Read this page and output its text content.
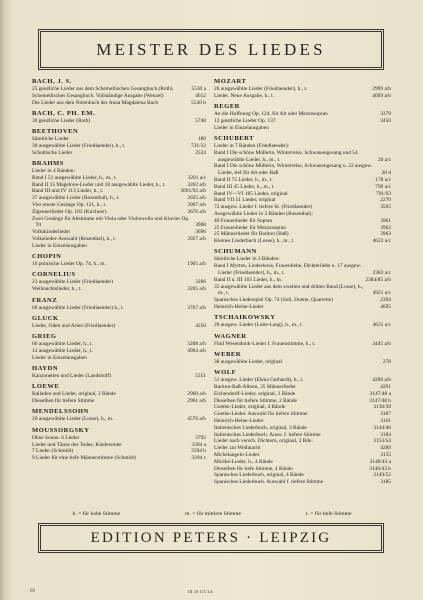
MEISTER DES LIEDES
BACH, J. S.
25 geistliche Lieder aus dem Schemellischen Gesangbuch (Roth)	5530 a
Schemellisches Gesangbuch. Vollständige Ausgabe (Wenzel)	4612
Die Lieder aus dem Notenbuch der Anna Magdalena Bach	5530 b
BACH, C. PH. EM.
30 geistliche Lieder (Roth)	5748
BEETHOVEN
Sämtliche Lieder	180
30 ausgewählte Lieder (Friedlaender), h., t.	731/32
Schottische Lieder	2524
BRAHMS
Lieder in 4 Bänden:
Band I 51 ausgewählte Lieder, h., m., t.	3201 a/c
Band II 15 Magelone-Lieder und 18 ausgewählte Lieder, h., t.	3202 a/b
Band III und IV 113 Lieder, h., t.	3691/92 a/b
37 ausgewählte Lieder (Rosenthal), h., t.	3925 a/b
Vier ernste Gesänge Op. 121, h., t.	3907 a/b
Zigeunerlieder Op. 103 (Kirchner)	3670 a/b
Zwei Gesänge für Altstimme mit Viola oder Violoncello und Klavier Op. 91	3908
Volkskinderlieder	3696
Volkslieder-Auswahl (Rosenthal), h., t.	3927 a/b
Lieder in Einzelausgaben
CHOPIN
16 polnische Lieder Op. 74, h., m.	1905 a/b
CORNELIUS
23 ausgewählte Lieder (Friedlaender)	3206
Weihnachtslieder, h., t.	3205 a/b
FRANZ
60 ausgewählte Lieder (Friedlaender) h., t.	3767 a/b
GLUCK
Lieder, Oden und Arien (Friedlaender)	4250
GRIEG
60 ausgewählte Lieder, h., t.	3208 a/b
12 ausgewählte Lieder, h., t.	4904 a/b
Lieder in Einzelausgaben
HAYDN
Kanzonetten und Lieder (Landshoff)	5351
LOEWE
Balladen und Lieder, original, 2 Bände	2960 a/b
Dieselben für tiefere Stimme	2961 a/b
MENDELSSOHN
20 ausgewählte Lieder (Losse), h., m.	4570 a/b
MOUSSORGSKY
Ohne Sonne. 6 Lieder	3792
Lieder und Tänze des Todes; Kinderstube	3394 a
7 Lieder (Schmidt)	3394 b
9 Lieder für eine tiefe Männerstimme (Schmidt)	3394 c
MOZART
26 ausgewählte Lieder (Friedlaender), h., t.	2999 a/b
Lieder. Neue Ausgabe, h., t.	4699 a/b
REGER
An die Hoffnung Op. 124, für Alt oder Mezzosopran	3379
12 geistliche Lieder Op. 137	3450
Lieder in Einzelausgaben
SCHUBERT
Lieder in 7 Bänden (Friedlaender):
Band I Die schöne Müllerin, Winterreise, Schwanengesang und 54 ausgewählte Lieder, h., m., t.	20 a/c
Band I Die schöne Müllerin, Winterreise, Schwanengesang u. 22 ausgew. Lieder, tief für Alt oder Baß	20 d
Band II 75 Lieder, h., m., t.	178 a/c
Band III 45 Lieder, h., m., t.	790 a/c
Band IV—VI 185 Lieder, original	791/93
Band VII 51 Lieder, original	2270
72 ausgew. Lieder f. tiefere St. (Friedlaender)	3505
Ausgewählte Lieder in 3 Bänden (Rosenthal):
40 Frauenlieder für Sopran	3961
25 Frauenlieder für Mezzosopran	3962
25 Männerlieder für Bariton (Baß)	3963
Kleines Liederbuch (Losse), h., m., t.	4622 a/c
SCHUMANN
Sämtliche Lieder in 3 Bänden:
Band I Myrten, Liederkreis, Frauenliebe, Dichterliebe u. 17 ausgew. Lieder (Friedlaender), h., m., t.	2383 a/c
Band II u. III 163 Lieder, h., m.	2384/85 a/b
35 ausgewählte Lieder aus dem zweiten und dritten Band (Losse), h., m., t.	4921 a/c
Spanisches Liederspiel Op. 74 (Soli, Duette, Quartette)	2394
Heinrich-Heine-Lieder	4695
TSCHAIKOWSKY
20 ausgew. Lieder (Lotte-Lang), h., m., t.	4631 a/c
WAGNER
Fünf Wesendonk-Lieder f. Frauenstimme, h., t.	3445 a/b
WEBER
38 ausgewählte Lieder, original	278
WOLF
51 ausgew. Lieder (Elena Gerhardt), h., t.	4290 a/b
Bariton-Baß-Album, 35 Männerlieder	4291
Eichendorff-Lieder, original, 2 Bände	3147/48 a
Dieselben für tiefere Stimme, 2 Bände	3147/48 b
Goethe-Lieder, original, 4 Bände	3136/39
Goethe-Lieder. Auswahl für tiefere Stimme	3187
Heinrich-Heine-Lieder	3161
Italienisches Liederbuch, original, 3 Bände	3144/46
Italienisches Liederbuch. Ausw. f. tiefere Stimme	3184
Lieder nach versch. Dichtern, original, 2 Bde.	3153/54
Lieder zur Weihnacht	4289
Michelangelo-Lieder	3155
Mörike-Lieder, h., 4 Bände	3140/43 a
Dieselben für tiefe Stimme, 4 Bände	3140/43 b
Spanisches Liederbuch, original, 4 Bände	3149/52
Spanisches Liederbuch. Auswahl f. tiefere Stimme	3185
h. = für hohe Stimme	m. = für mittlere Stimme	t. = für tiefe Stimme
EDITION PETERS · LEIPZIG
69	III 18 115 Ld
